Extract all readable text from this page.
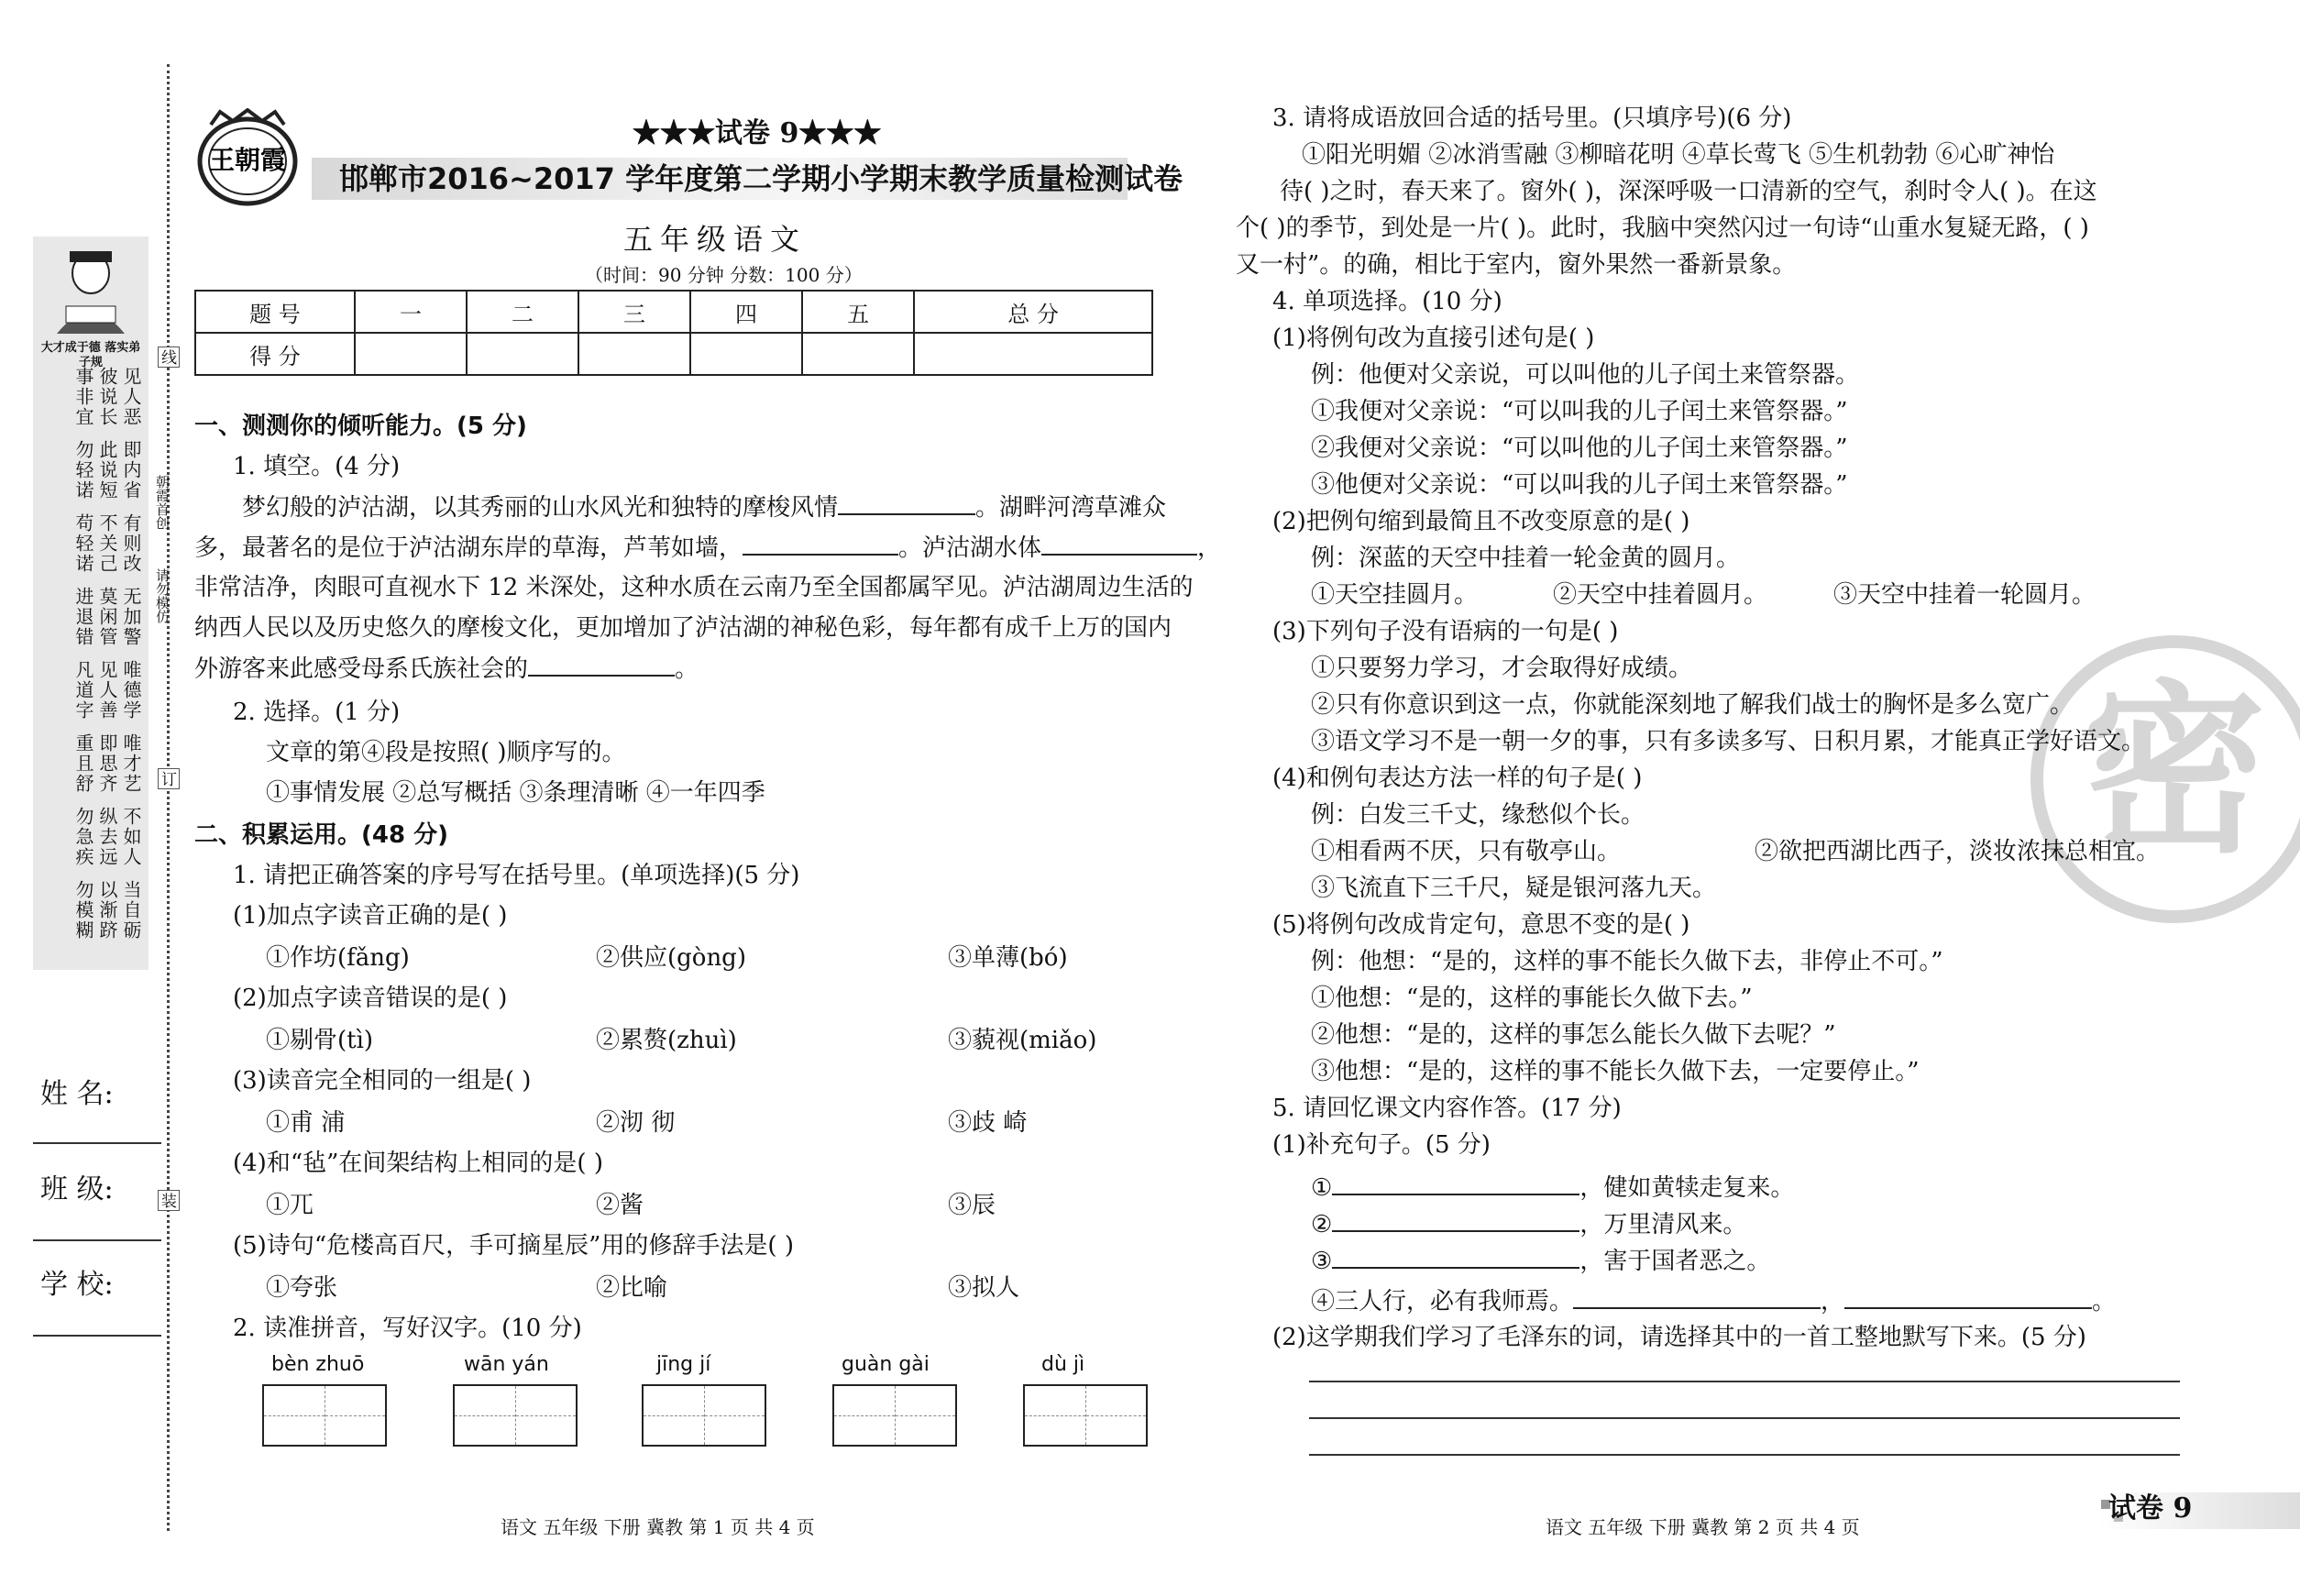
大才成于德 落实弟子规
见人恶
彼说长
事非宜
即内省
此说短
勿轻诺
有则改
不关己
苟轻诺
无加警
莫闲管
进退错
唯德学
见人善
凡道字
唯才艺
即思齐
重且舒
不如人
纵去远
勿急疾
当自砺
以渐跻
勿模糊
线
订
装
朝霞首创
请勿模仿
姓 名:
班 级:
学 校:
王朝霞
★★★试卷 9★★★
邯郸市2016~2017 学年度第二学期小学期末教学质量检测试卷
五年级语文
（时间：90 分钟 分数：100 分）
题 号	一	二	三	四	五	总 分
得 分						
一、测测你的倾听能力。(5 分)
1. 填空。(4 分)
梦幻般的泸沽湖，以其秀丽的山水风光和独特的摩梭风情	。湖畔河湾草滩众
多，最著名的是位于泸沽湖东岸的草海，芦苇如墙，	。泸沽湖水体	，
非常洁净，肉眼可直视水下 12 米深处，这种水质在云南乃至全国都属罕见。泸沽湖周边生活的
纳西人民以及历史悠久的摩梭文化，更加增加了泸沽湖的神秘色彩，每年都有成千上万的国内
外游客来此感受母系氏族社会的	。
2. 选择。(1 分)
文章的第④段是按照( )顺序写的。
①事情发展 ②总写概括 ③条理清晰 ④一年四季
二、积累运用。(48 分)
1. 请把正确答案的序号写在括号里。(单项选择)(5 分)
(1)加点字读音正确的是( )
①作坊(fǎng)	②供应(gòng)	③单薄(bó)
(2)加点字读音错误的是( )
①剔骨(tì)	②累赘(zhuì)	③藐视(miǎo)
(3)读音完全相同的一组是( )
①甫 浦	②沏 彻	③歧 崎
(4)和“毡”在间架结构上相同的是( )
①兀	②酱	③辰
(5)诗句“危楼高百尺，手可摘星辰”用的修辞手法是( )
①夸张	②比喻	③拟人
2. 读准拼音，写好汉字。(10 分)
bèn zhuō	wān yán	jīng jí	guàn gài	dù jì
语文 五年级 下册 冀教 第 1 页 共 4 页
密
3. 请将成语放回合适的括号里。(只填序号)(6 分)
①阳光明媚 ②冰消雪融 ③柳暗花明 ④草长莺飞 ⑤生机勃勃 ⑥心旷神怡
待( )之时，春天来了。窗外( )，深深呼吸一口清新的空气，刹时令人( )。在这
个( )的季节，到处是一片( )。此时，我脑中突然闪过一句诗“山重水复疑无路，( )
又一村”。的确，相比于室内，窗外果然一番新景象。
4. 单项选择。(10 分)
(1)将例句改为直接引述句是( )
例：他便对父亲说，可以叫他的儿子闰土来管祭器。
①我便对父亲说：“可以叫我的儿子闰土来管祭器。”
②我便对父亲说：“可以叫他的儿子闰土来管祭器。”
③他便对父亲说：“可以叫我的儿子闰土来管祭器。”
(2)把例句缩到最简且不改变原意的是( )
例：深蓝的天空中挂着一轮金黄的圆月。
①天空挂圆月。	②天空中挂着圆月。	③天空中挂着一轮圆月。
(3)下列句子没有语病的一句是( )
①只要努力学习，才会取得好成绩。
②只有你意识到这一点，你就能深刻地了解我们战士的胸怀是多么宽广。
③语文学习不是一朝一夕的事，只有多读多写、日积月累，才能真正学好语文。
(4)和例句表达方法一样的句子是( )
例：白发三千丈，缘愁似个长。
①相看两不厌，只有敬亭山。	②欲把西湖比西子，淡妆浓抹总相宜。
③飞流直下三千尺，疑是银河落九天。
(5)将例句改成肯定句，意思不变的是( )
例：他想：“是的，这样的事不能长久做下去，非停止不可。”
①他想：“是的，这样的事能长久做下去。”
②他想：“是的，这样的事怎么能长久做下去呢？”
③他想：“是的，这样的事不能长久做下去，一定要停止。”
5. 请回忆课文内容作答。(17 分)
(1)补充句子。(5 分)
①	，健如黄犊走复来。
②	，万里清风来。
③	，害于国者恶之。
④三人行，必有我师焉。	，	。
(2)这学期我们学习了毛泽东的词，请选择其中的一首工整地默写下来。(5 分)
语文 五年级 下册 冀教 第 2 页 共 4 页
试卷 9
